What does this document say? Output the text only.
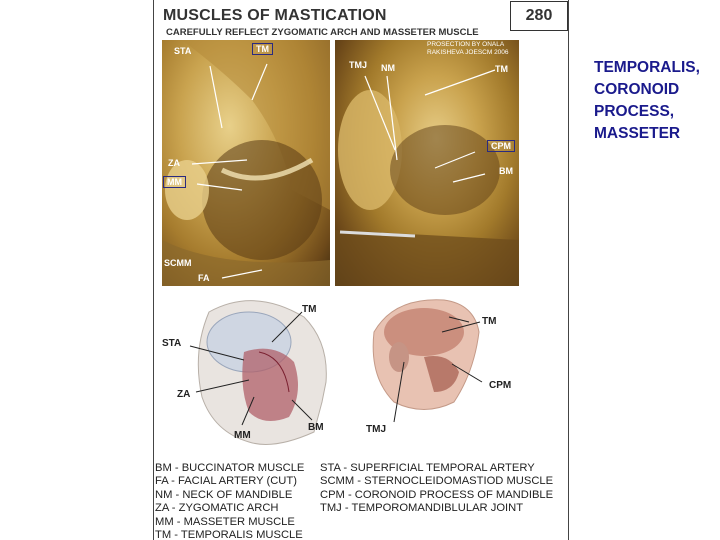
MUSCLES OF MASTICATION
CAREFULLY REFLECT ZYGOMATIC ARCH AND MASSETER MUSCLE
280
STA	TM
ZA
MM
SCMM
FA
PROSECTION BY ONALA
RAKISHEVA JOESCM 2006
TMJ NM	TM
CPM
BM
TM
STA
ZA
MM
BM
TM
CPM
TMJ
BM - BUCCINATOR MUSCLE
FA - FACIAL ARTERY (CUT)
NM - NECK OF MANDIBLE
ZA - ZYGOMATIC ARCH
MM - MASSETER MUSCLE
TM - TEMPORALIS MUSCLE
STA - SUPERFICIAL TEMPORAL ARTERY
SCMM - STERNOCLEIDOMASTIOD MUSCLE
CPM - CORONOID PROCESS OF MANDIBLE
TMJ - TEMPOROMANDIBLULAR JOINT
TEMPORALIS,
CORONOID
PROCESS,
MASSETER
